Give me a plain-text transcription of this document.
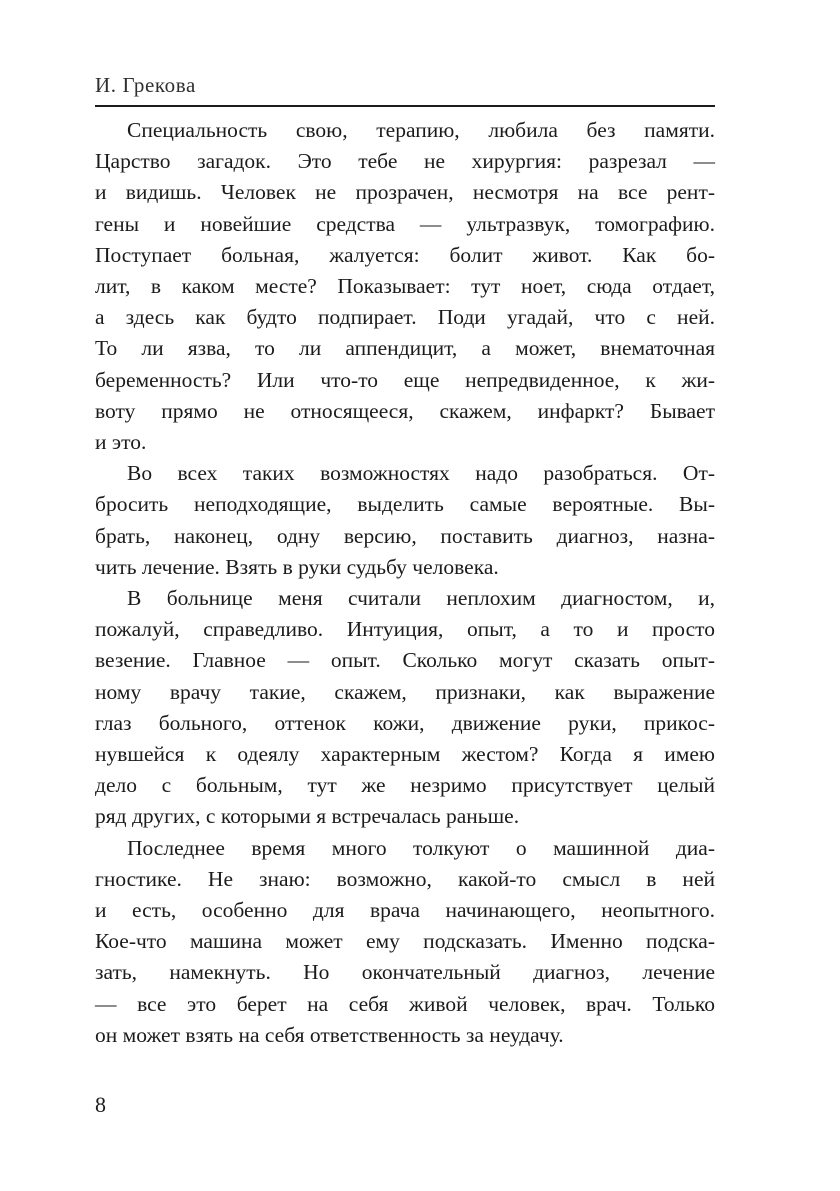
И. Грекова
Специальность свою, терапию, любила без памяти.
Царство загадок. Это тебе не хирургия: разрезал —
и видишь. Человек не прозрачен, несмотря на все рент-
гены и новейшие средства — ультразвук, томографию.
Поступает больная, жалуется: болит живот. Как бо-
лит, в каком месте? Показывает: тут ноет, сюда отдает,
а здесь как будто подпирает. Поди угадай, что с ней.
То ли язва, то ли аппендицит, а может, внематочная
беременность? Или что-то еще непредвиденное, к жи-
воту прямо не относящееся, скажем, инфаркт? Бывает
и это.
Во всех таких возможностях надо разобраться. От-
бросить неподходящие, выделить самые вероятные. Вы-
брать, наконец, одну версию, поставить диагноз, назна-
чить лечение. Взять в руки судьбу человека.
В больнице меня считали неплохим диагностом, и,
пожалуй, справедливо. Интуиция, опыт, а то и просто
везение. Главное — опыт. Сколько могут сказать опыт-
ному врачу такие, скажем, признаки, как выражение
глаз больного, оттенок кожи, движение руки, прикос-
нувшейся к одеялу характерным жестом? Когда я имею
дело с больным, тут же незримо присутствует целый
ряд других, с которыми я встречалась раньше.
Последнее время много толкуют о машинной диа-
гностике. Не знаю: возможно, какой-то смысл в ней
и есть, особенно для врача начинающего, неопытного.
Кое-что машина может ему подсказать. Именно подска-
зать, намекнуть. Но окончательный диагноз, лечение
— все это берет на себя живой человек, врач. Только
он может взять на себя ответственность за неудачу.
8
